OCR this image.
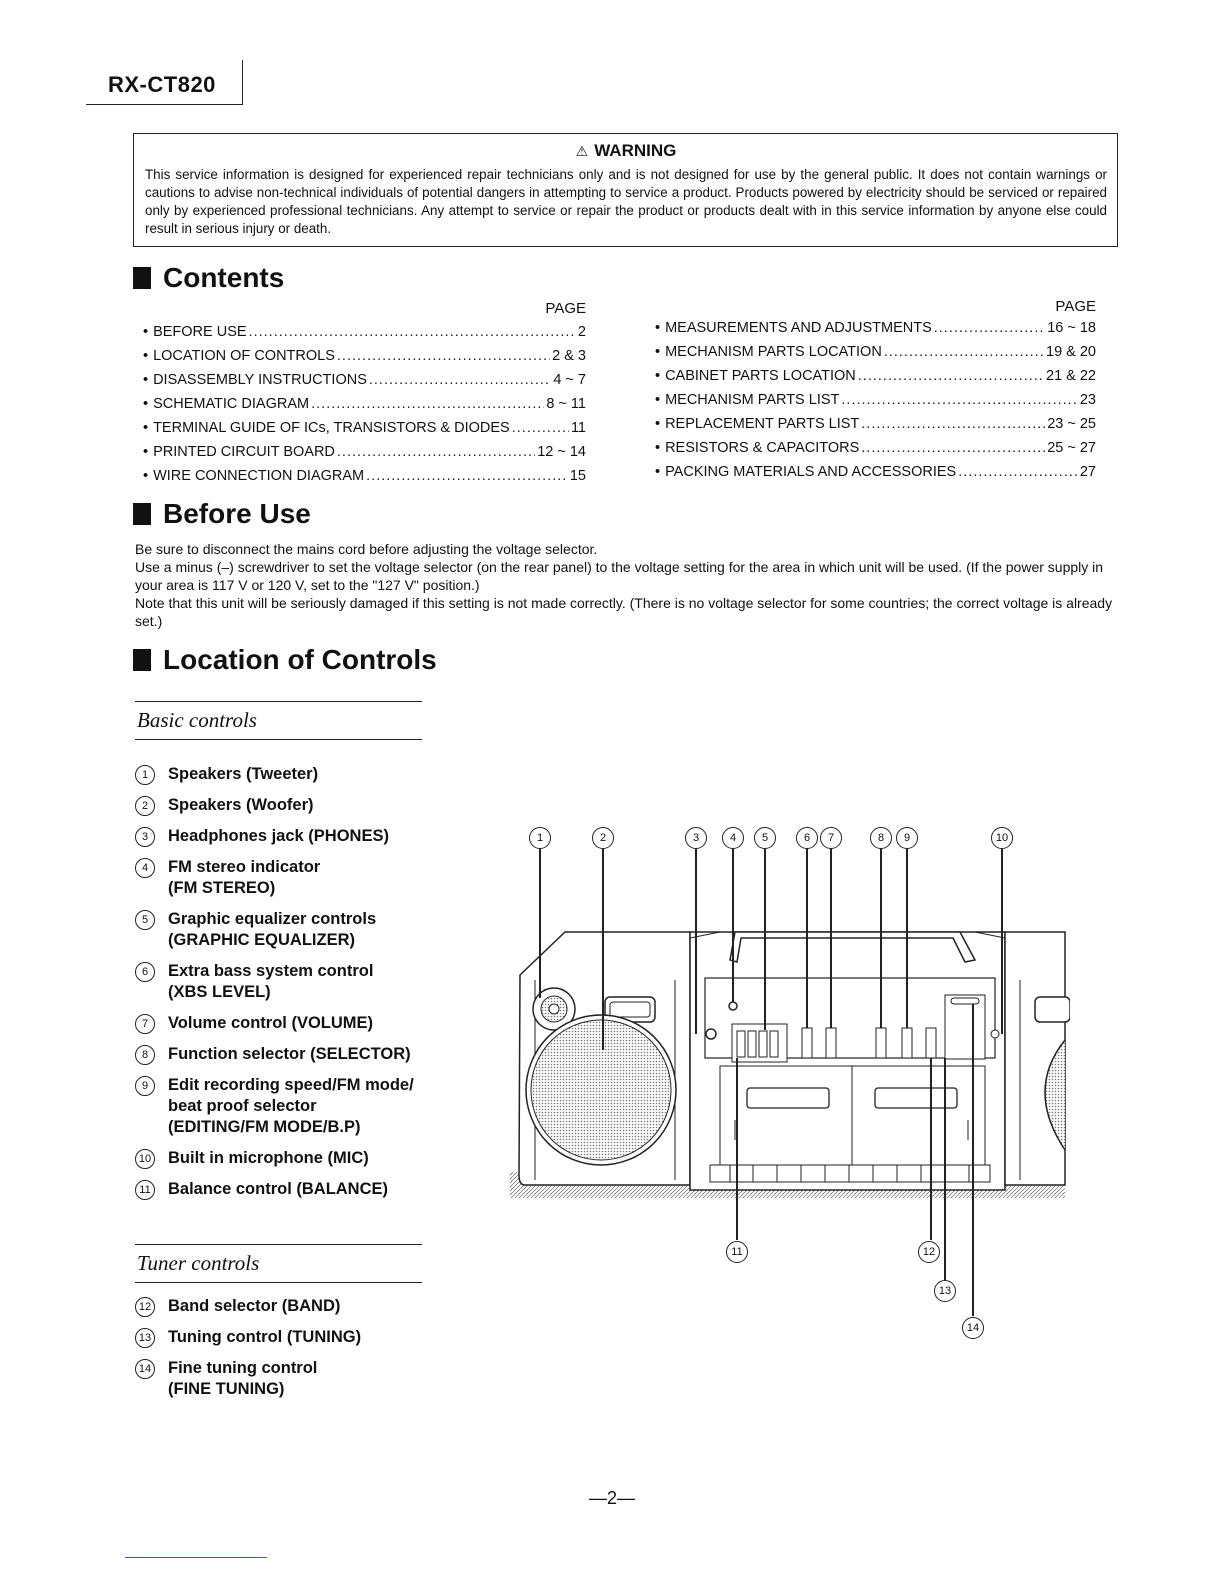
RX-CT820
⚠ WARNING
This service information is designed for experienced repair technicians only and is not designed for use by the general public. It does not contain warnings or cautions to advise non-technical individuals of potential dangers in attempting to service a product. Products powered by electricity should be serviced or repaired only by experienced professional technicians. Any attempt to service or repair the product or products dealt with in this service information by anyone else could result in serious injury or death.
Contents
PAGE
• BEFORE USE .....	2
• LOCATION OF CONTROLS .....	2 & 3
• DISASSEMBLY INSTRUCTIONS .....	4 ~ 7
• SCHEMATIC DIAGRAM .....	8 ~ 11
• TERMINAL GUIDE OF ICs, TRANSISTORS & DIODES .....	11
• PRINTED CIRCUIT BOARD .....	12 ~ 14
• WIRE CONNECTION DIAGRAM .....	15
PAGE
• MEASUREMENTS AND ADJUSTMENTS .....	16 ~ 18
• MECHANISM PARTS LOCATION .....	19 & 20
• CABINET PARTS LOCATION .....	21 & 22
• MECHANISM PARTS LIST .....	23
• REPLACEMENT PARTS LIST .....	23 ~ 25
• RESISTORS & CAPACITORS .....	25 ~ 27
• PACKING MATERIALS AND ACCESSORIES .....	27
Before Use

Be sure to disconnect the mains cord before adjusting the voltage selector.

Use a minus (–) screwdriver to set the voltage selector (on the rear panel) to the voltage setting for the area in which unit will be used. (If the power supply in your area is 117 V or 120 V, set to the "127 V" position.)

Note that this unit will be seriously damaged if this setting is not made correctly. (There is no voltage selector for some countries; the correct voltage is already set.)

Location of Controls
Basic controls
1	Speakers (Tweeter)
2	Speakers (Woofer)
3	Headphones jack (PHONES)
4	FM stereo indicator
(FM STEREO)
5	Graphic equalizer controls
(GRAPHIC EQUALIZER)
6	Extra bass system control
(XBS LEVEL)
7	Volume control (VOLUME)
8	Function selector (SELECTOR)
9	Edit recording speed/FM mode/ beat proof selector
(EDITING/FM MODE/B.P)
10 Built in microphone (MIC)
11 Balance control (BALANCE)
Tuner controls
12 Band selector (BAND)
13 Tuning control (TUNING)
14 Fine tuning control
(FINE TUNING)
1	2	3	4	5	6	7	8	9	10
11	12
13
14
—2—
